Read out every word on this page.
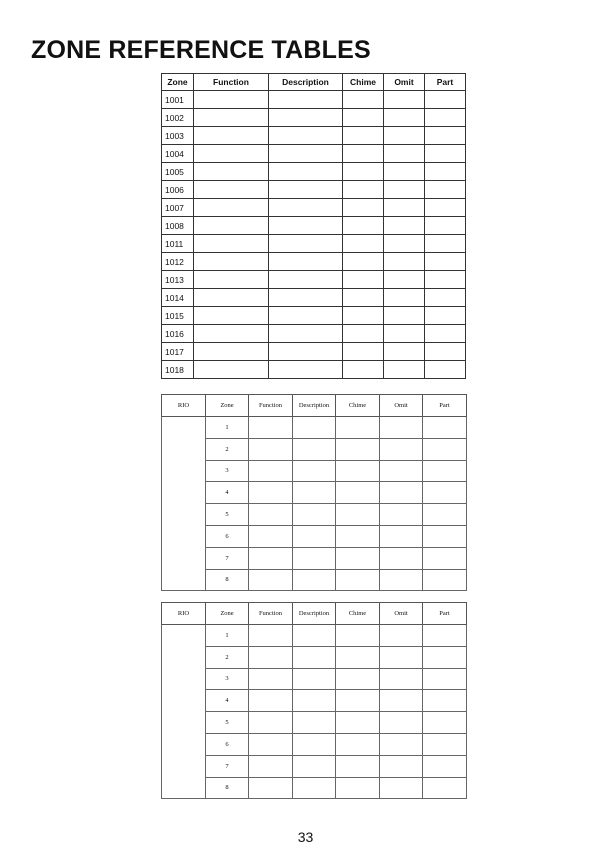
ZONE REFERENCE TABLES
Zone	Function	Description	Chime	Omit	Part
1001					
1002					
1003					
1004					
1005					
1006					
1007					
1008					
1011					
1012					
1013					
1014					
1015					
1016					
1017					
1018					
RIO	Zone	Function	Description	Chime	Omit	Part
	1					
	2					
	3					
	4					
	5					
	6					
	7					
	8					
RIO	Zone	Function	Description	Chime	Omit	Part
	1					
	2					
	3					
	4					
	5					
	6					
	7					
	8					
33
